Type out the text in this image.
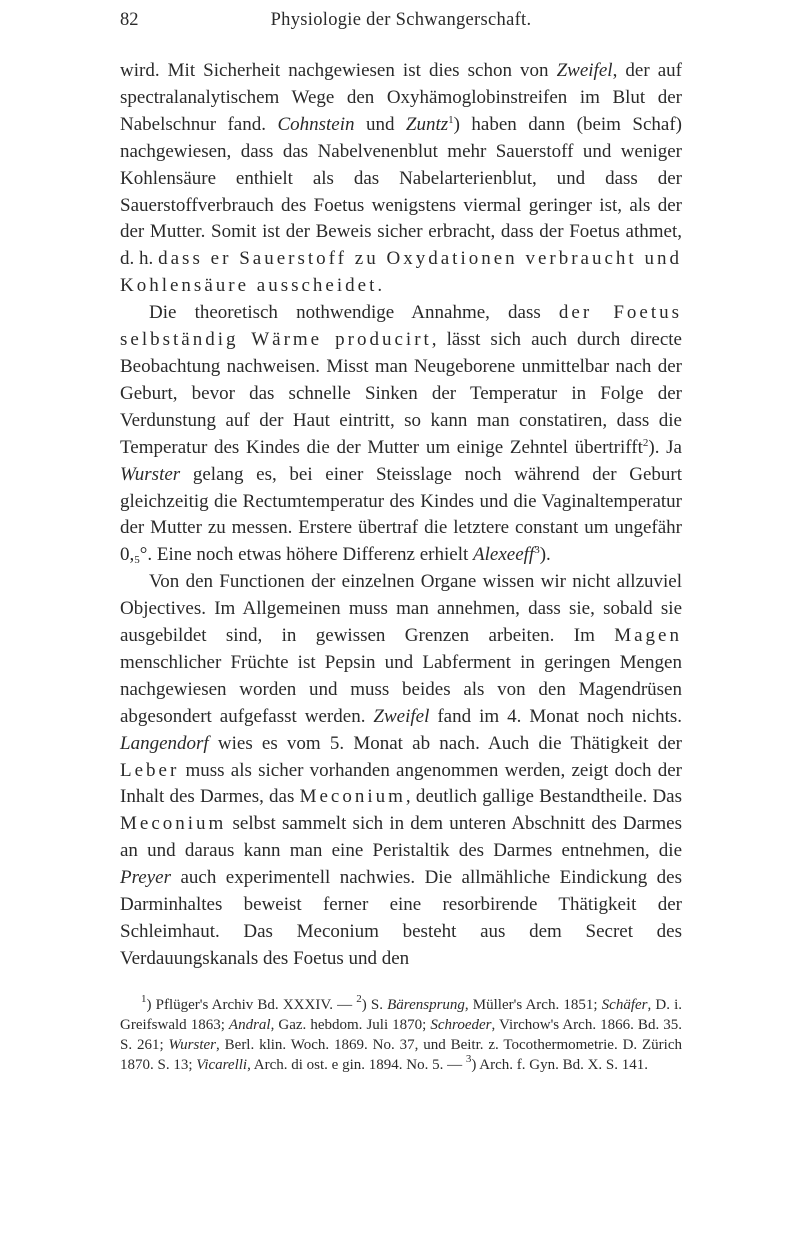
82	Physiologie der Schwangerschaft.

wird. Mit Sicherheit nachgewiesen ist dies schon von Zweifel, der auf spectralanalytischem Wege den Oxyhämoglobinstreifen im Blut der Nabelschnur fand. Cohnstein und Zuntz$^1$) haben dann (beim Schaf) nachgewiesen, dass das Nabelvenenblut mehr Sauerstoff und weniger Kohlensäure enthielt als das Nabelarterienblut, und dass der Sauerstoffverbrauch des Foetus wenigstens viermal geringer ist, als der der Mutter. Somit ist der Beweis sicher erbracht, dass der Foetus athmet, d. h. dass er Sauerstoff zu Oxydationen verbraucht und Kohlensäure ausscheidet.

Die theoretisch nothwendige Annahme, dass der Foetus selbständig Wärme producirt, lässt sich auch durch directe Beobachtung nachweisen. Misst man Neugeborene unmittelbar nach der Geburt, bevor das schnelle Sinken der Temperatur in Folge der Verdunstung auf der Haut eintritt, so kann man constatiren, dass die Temperatur des Kindes die der Mutter um einige Zehntel übertrifft$^2$). Ja Wurster gelang es, bei einer Steisslage noch während der Geburt gleichzeitig die Rectumtemperatur des Kindes und die Vaginaltemperatur der Mutter zu messen. Erstere übertraf die letztere constant um ungefähr $0,_5^\circ$. Eine noch etwas höhere Differenz erhielt Alexeeff$^3$).

Von den Functionen der einzelnen Organe wissen wir nicht allzuviel Objectives. Im Allgemeinen muss man annehmen, dass sie, sobald sie ausgebildet sind, in gewissen Grenzen arbeiten. Im Magen menschlicher Früchte ist Pepsin und Labferment in geringen Mengen nachgewiesen worden und muss beides als von den Magendrüsen abgesondert aufgefasst werden. Zweifel fand im 4. Monat noch nichts. Langendorf wies es vom 5. Monat ab nach. Auch die Thätigkeit der Leber muss als sicher vorhanden angenommen werden, zeigt doch der Inhalt des Darmes, das Meconium, deutlich gallige Bestandtheile. Das Meconium selbst sammelt sich in dem unteren Abschnitt des Darmes an und daraus kann man eine Peristaltik des Darmes entnehmen, die Preyer auch experimentell nachwies. Die allmähliche Eindickung des Darminhaltes beweist ferner eine resorbirende Thätigkeit der Schleimhaut. Das Meconium besteht aus dem Secret des Verdauungskanals des Foetus und den

$^1$) Pflüger's Archiv Bd. XXXIV. — $^2$) S. Bärensprung, Müller's Arch. 1851; Schäfer, D. i. Greifswald 1863; Andral, Gaz. hebdom. Juli 1870; Schroeder, Virchow's Arch. 1866. Bd. 35. S. 261; Wurster, Berl. klin. Woch. 1869. No. 37, und Beitr. z. Tocothermometrie. D. Zürich 1870. S. 13; Vicarelli, Arch. di ost. e gin. 1894. No. 5. — $^3$) Arch. f. Gyn. Bd. X. S. 141.
